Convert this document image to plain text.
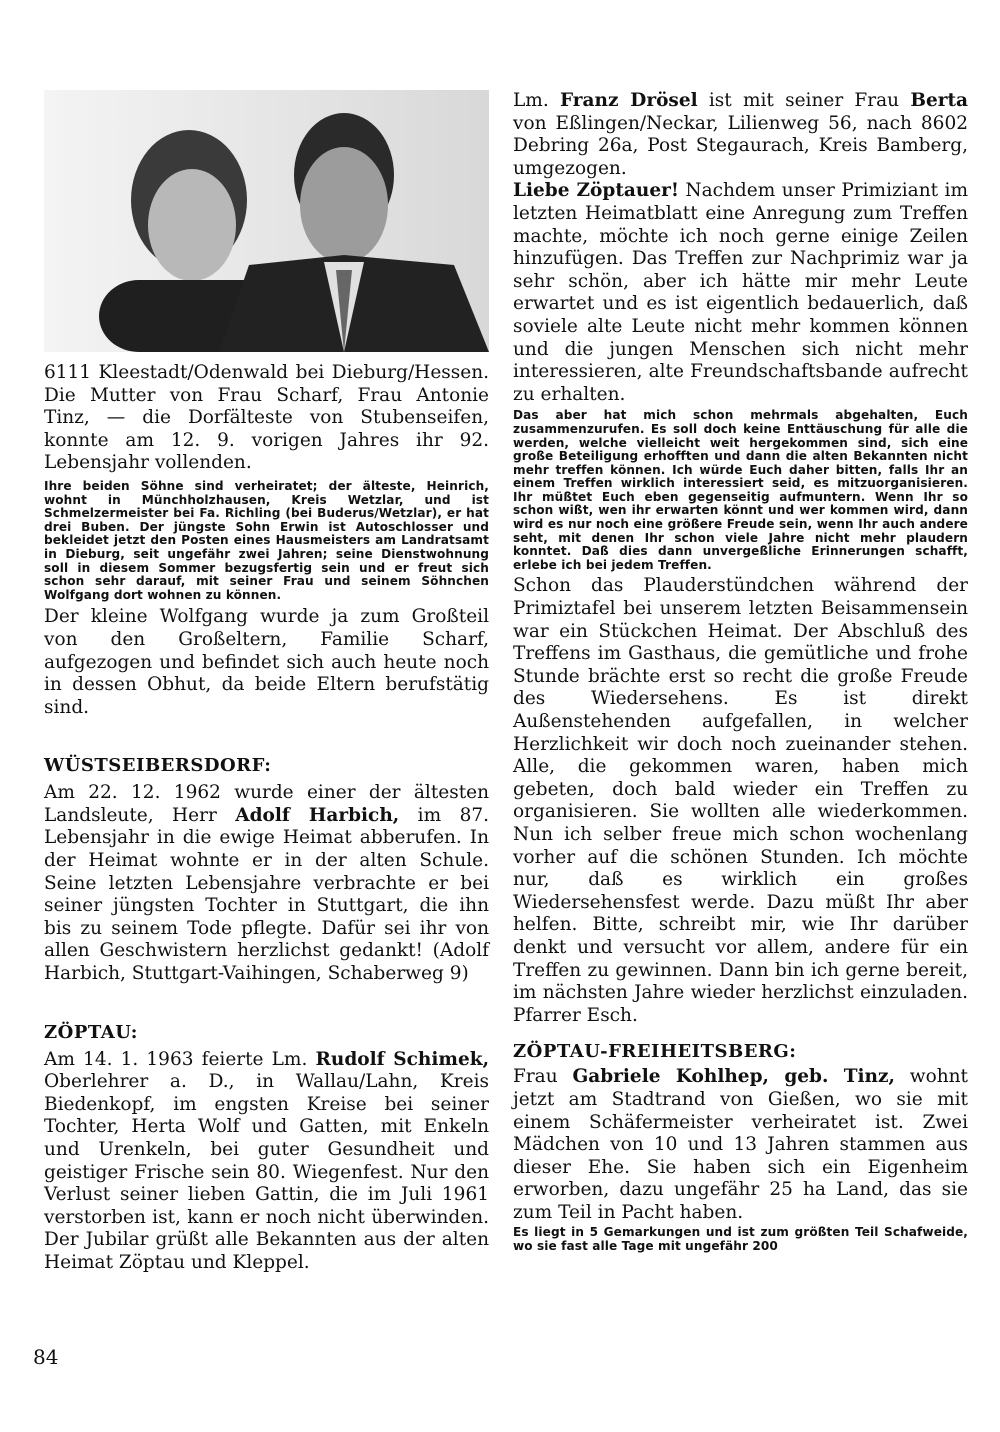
6111 Kleestadt/Odenwald bei Dieburg/Hessen. Die Mutter von Frau Scharf, Frau Antonie Tinz, — die Dorfälteste von Stubenseifen, konnte am 12. 9. vorigen Jahres ihr 92. Lebensjahr vollenden.

Ihre beiden Söhne sind verheiratet; der älteste, Heinrich, wohnt in Münchholzhausen, Kreis Wetzlar, und ist Schmelzermeister bei Fa. Richling (bei Buderus/Wetzlar), er hat drei Buben. Der jüngste Sohn Erwin ist Autoschlosser und bekleidet jetzt den Posten eines Hausmeisters am Landratsamt in Dieburg, seit ungefähr zwei Jahren; seine Dienstwohnung soll in diesem Sommer bezugsfertig sein und er freut sich schon sehr darauf, mit seiner Frau und seinem Söhnchen Wolfgang dort wohnen zu können.

Der kleine Wolfgang wurde ja zum Großteil von den Großeltern, Familie Scharf, aufgezogen und befindet sich auch heute noch in dessen Obhut, da beide Eltern berufstätig sind.

WÜSTSEIBERSDORF:

Am 22. 12. 1962 wurde einer der ältesten Landsleute, Herr Adolf Harbich, im 87. Lebensjahr in die ewige Heimat abberufen. In der Heimat wohnte er in der alten Schule. Seine letzten Lebensjahre verbrachte er bei seiner jüngsten Tochter in Stuttgart, die ihn bis zu seinem Tode pflegte. Dafür sei ihr von allen Geschwistern herzlichst gedankt! (Adolf Harbich, Stuttgart-Vaihingen, Schaberweg 9)

ZÖPTAU:

Am 14. 1. 1963 feierte Lm. Rudolf Schimek, Oberlehrer a. D., in Wallau/Lahn, Kreis Biedenkopf, im engsten Kreise bei seiner Tochter, Herta Wolf und Gatten, mit Enkeln und Urenkeln, bei guter Gesundheit und geistiger Frische sein 80. Wiegenfest. Nur den Verlust seiner lieben Gattin, die im Juli 1961 verstorben ist, kann er noch nicht überwinden. Der Jubilar grüßt alle Bekannten aus der alten Heimat Zöptau und Kleppel.

Lm. Franz Drösel ist mit seiner Frau Berta von Eßlingen/Neckar, Lilienweg 56, nach 8602 Debring 26a, Post Stegaurach, Kreis Bamberg, umgezogen.

Liebe Zöptauer! Nachdem unser Primiziant im letzten Heimatblatt eine Anregung zum Treffen machte, möchte ich noch gerne einige Zeilen hinzufügen. Das Treffen zur Nachprimiz war ja sehr schön, aber ich hätte mir mehr Leute erwartet und es ist eigentlich bedauerlich, daß soviele alte Leute nicht mehr kommen können und die jungen Menschen sich nicht mehr interessieren, alte Freundschaftsbande aufrecht zu erhalten.

Das aber hat mich schon mehrmals abgehalten, Euch zusammenzurufen. Es soll doch keine Enttäuschung für alle die werden, welche vielleicht weit hergekommen sind, sich eine große Beteiligung erhofften und dann die alten Bekannten nicht mehr treffen können. Ich würde Euch daher bitten, falls Ihr an einem Treffen wirklich interessiert seid, es mitzuorganisieren. Ihr müßtet Euch eben gegenseitig aufmuntern. Wenn Ihr so schon wißt, wen ihr erwarten könnt und wer kommen wird, dann wird es nur noch eine größere Freude sein, wenn Ihr auch andere seht, mit denen Ihr schon viele Jahre nicht mehr plaudern konntet. Daß dies dann unvergeßliche Erinnerungen schafft, erlebe ich bei jedem Treffen.

Schon das Plauderstündchen während der Primiztafel bei unserem letzten Beisammensein war ein Stückchen Heimat. Der Abschluß des Treffens im Gasthaus, die gemütliche und frohe Stunde brächte erst so recht die große Freude des Wiedersehens. Es ist direkt Außenstehenden aufgefallen, in welcher Herzlichkeit wir doch noch zueinander stehen. Alle, die gekommen waren, haben mich gebeten, doch bald wieder ein Treffen zu organisieren. Sie wollten alle wiederkommen. Nun ich selber freue mich schon wochenlang vorher auf die schönen Stunden. Ich möchte nur, daß es wirklich ein großes Wiedersehensfest werde. Dazu müßt Ihr aber helfen. Bitte, schreibt mir, wie Ihr darüber denkt und versucht vor allem, andere für ein Treffen zu gewinnen. Dann bin ich gerne bereit, im nächsten Jahre wieder herzlichst einzuladen. Pfarrer Esch.

ZÖPTAU-FREIHEITSBERG:

Frau Gabriele Kohlhep, geb. Tinz, wohnt jetzt am Stadtrand von Gießen, wo sie mit einem Schäfermeister verheiratet ist. Zwei Mädchen von 10 und 13 Jahren stammen aus dieser Ehe. Sie haben sich ein Eigenheim erworben, dazu ungefähr 25 ha Land, das sie zum Teil in Pacht haben.

Es liegt in 5 Gemarkungen und ist zum größten Teil Schafweide, wo sie fast alle Tage mit ungefähr 200

84
